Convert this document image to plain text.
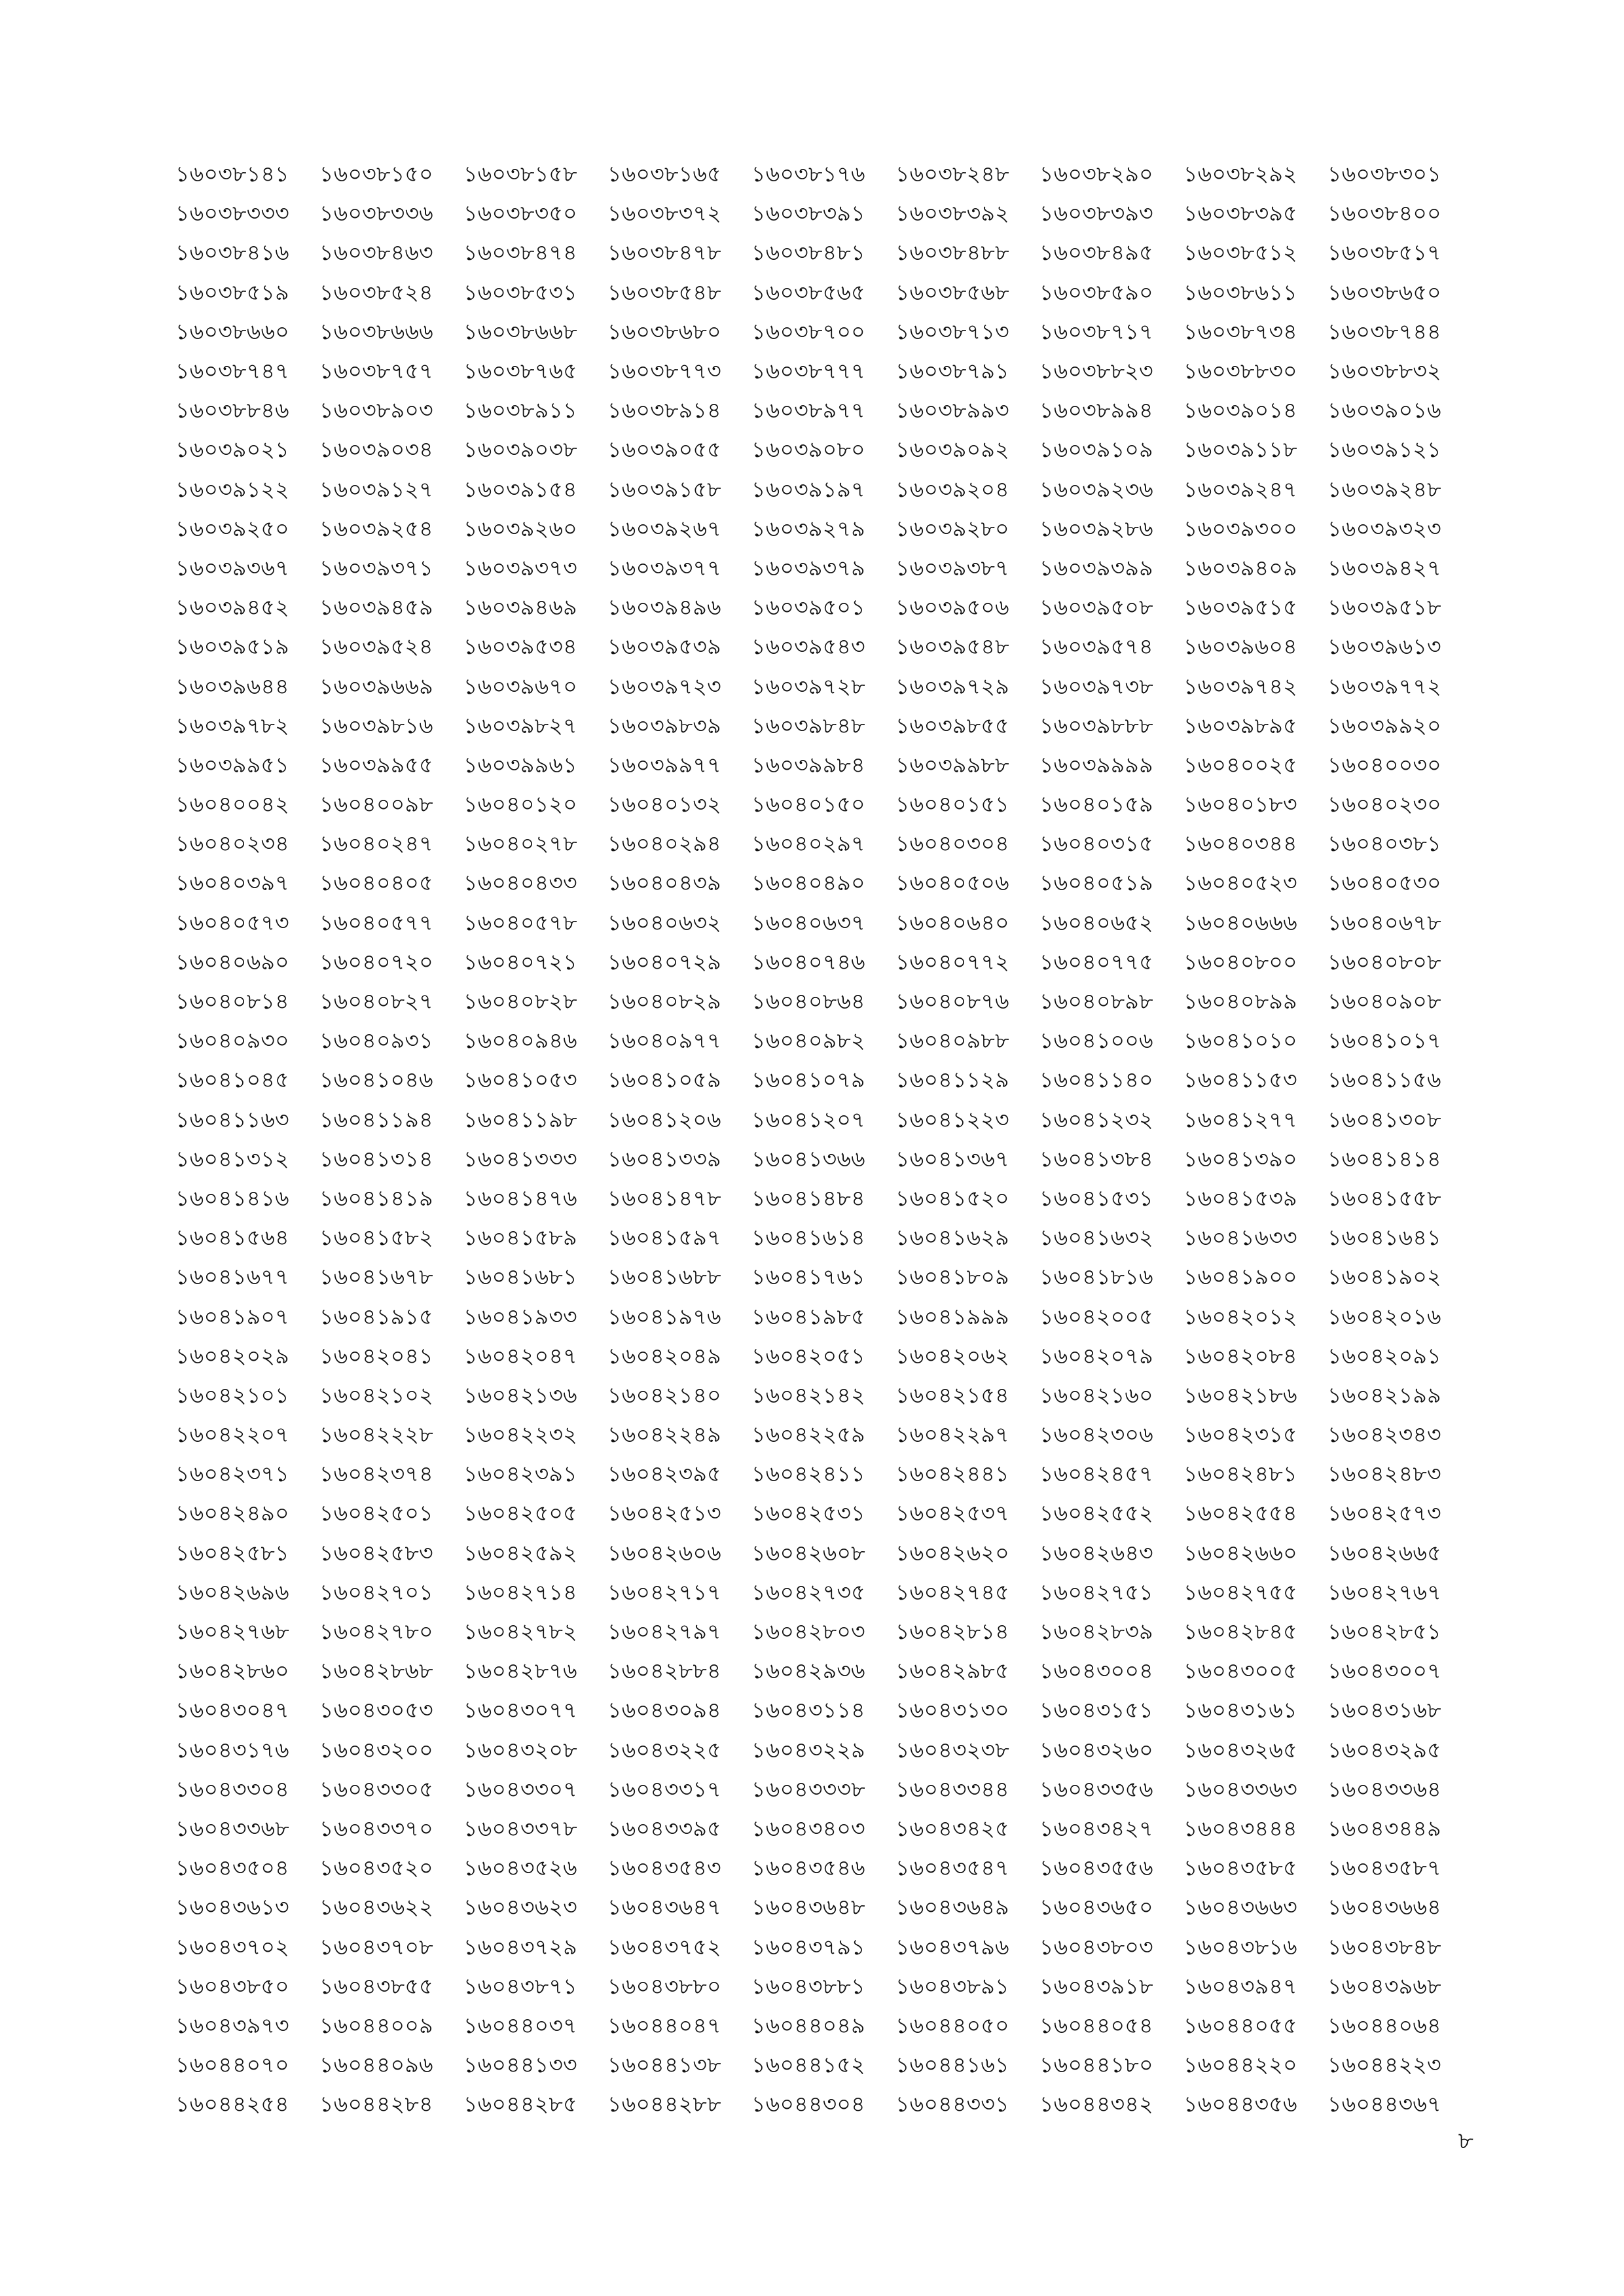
১৬০৩৮১৪১	১৬০৩৮১৫০	১৬০৩৮১৫৮	১৬০৩৮১৬৫	১৬০৩৮১৭৬	১৬০৩৮২৪৮	১৬০৩৮২৯০	১৬০৩৮২৯২	১৬০৩৮৩০১
১৬০৩৮৩৩৩	১৬০৩৮৩৩৬	১৬০৩৮৩৫০	১৬০৩৮৩৭২	১৬০৩৮৩৯১	১৬০৩৮৩৯২	১৬০৩৮৩৯৩	১৬০৩৮৩৯৫	১৬০৩৮৪০০
১৬০৩৮৪১৬	১৬০৩৮৪৬৩	১৬০৩৮৪৭৪	১৬০৩৮৪৭৮	১৬০৩৮৪৮১	১৬০৩৮৪৮৮	১৬০৩৮৪৯৫	১৬০৩৮৫১২	১৬০৩৮৫১৭
১৬০৩৮৫১৯	১৬০৩৮৫২৪	১৬০৩৮৫৩১	১৬০৩৮৫৪৮	১৬০৩৮৫৬৫	১৬০৩৮৫৬৮	১৬০৩৮৫৯০	১৬০৩৮৬১১	১৬০৩৮৬৫০
১৬০৩৮৬৬০	১৬০৩৮৬৬৬	১৬০৩৮৬৬৮	১৬০৩৮৬৮০	১৬০৩৮৭০০	১৬০৩৮৭১৩	১৬০৩৮৭১৭	১৬০৩৮৭৩৪	১৬০৩৮৭৪৪
১৬০৩৮৭৪৭	১৬০৩৮৭৫৭	১৬০৩৮৭৬৫	১৬০৩৮৭৭৩	১৬০৩৮৭৭৭	১৬০৩৮৭৯১	১৬০৩৮৮২৩	১৬০৩৮৮৩০	১৬০৩৮৮৩২
১৬০৩৮৮৪৬	১৬০৩৮৯০৩	১৬০৩৮৯১১	১৬০৩৮৯১৪	১৬০৩৮৯৭৭	১৬০৩৮৯৯৩	১৬০৩৮৯৯৪	১৬০৩৯০১৪	১৬০৩৯০১৬
১৬০৩৯০২১	১৬০৩৯০৩৪	১৬০৩৯০৩৮	১৬০৩৯০৫৫	১৬০৩৯০৮০	১৬০৩৯০৯২	১৬০৩৯১০৯	১৬০৩৯১১৮	১৬০৩৯১২১
১৬০৩৯১২২	১৬০৩৯১২৭	১৬০৩৯১৫৪	১৬০৩৯১৫৮	১৬০৩৯১৯৭	১৬০৩৯২০৪	১৬০৩৯২৩৬	১৬০৩৯২৪৭	১৬০৩৯২৪৮
১৬০৩৯২৫০	১৬০৩৯২৫৪	১৬০৩৯২৬০	১৬০৩৯২৬৭	১৬০৩৯২৭৯	১৬০৩৯২৮০	১৬০৩৯২৮৬	১৬০৩৯৩০০	১৬০৩৯৩২৩
১৬০৩৯৩৬৭	১৬০৩৯৩৭১	১৬০৩৯৩৭৩	১৬০৩৯৩৭৭	১৬০৩৯৩৭৯	১৬০৩৯৩৮৭	১৬০৩৯৩৯৯	১৬০৩৯৪০৯	১৬০৩৯৪২৭
১৬০৩৯৪৫২	১৬০৩৯৪৫৯	১৬০৩৯৪৬৯	১৬০৩৯৪৯৬	১৬০৩৯৫০১	১৬০৩৯৫০৬	১৬০৩৯৫০৮	১৬০৩৯৫১৫	১৬০৩৯৫১৮
১৬০৩৯৫১৯	১৬০৩৯৫২৪	১৬০৩৯৫৩৪	১৬০৩৯৫৩৯	১৬০৩৯৫৪৩	১৬০৩৯৫৪৮	১৬০৩৯৫৭৪	১৬০৩৯৬০৪	১৬০৩৯৬১৩
১৬০৩৯৬৪৪	১৬০৩৯৬৬৯	১৬০৩৯৬৭০	১৬০৩৯৭২৩	১৬০৩৯৭২৮	১৬০৩৯৭২৯	১৬০৩৯৭৩৮	১৬০৩৯৭৪২	১৬০৩৯৭৭২
১৬০৩৯৭৮২	১৬০৩৯৮১৬	১৬০৩৯৮২৭	১৬০৩৯৮৩৯	১৬০৩৯৮৪৮	১৬০৩৯৮৫৫	১৬০৩৯৮৮৮	১৬০৩৯৮৯৫	১৬০৩৯৯২০
১৬০৩৯৯৫১	১৬০৩৯৯৫৫	১৬০৩৯৯৬১	১৬০৩৯৯৭৭	১৬০৩৯৯৮৪	১৬০৩৯৯৮৮	১৬০৩৯৯৯৯	১৬০৪০০২৫	১৬০৪০০৩০
১৬০৪০০৪২	১৬০৪০০৯৮	১৬০৪০১২০	১৬০৪০১৩২	১৬০৪০১৫০	১৬০৪০১৫১	১৬০৪০১৫৯	১৬০৪০১৮৩	১৬০৪০২৩০
১৬০৪০২৩৪	১৬০৪০২৪৭	১৬০৪০২৭৮	১৬০৪০২৯৪	১৬০৪০২৯৭	১৬০৪০৩০৪	১৬০৪০৩১৫	১৬০৪০৩৪৪	১৬০৪০৩৮১
১৬০৪০৩৯৭	১৬০৪০৪০৫	১৬০৪০৪৩৩	১৬০৪০৪৩৯	১৬০৪০৪৯০	১৬০৪০৫০৬	১৬০৪০৫১৯	১৬০৪০৫২৩	১৬০৪০৫৩০
১৬০৪০৫৭৩	১৬০৪০৫৭৭	১৬০৪০৫৭৮	১৬০৪০৬৩২	১৬০৪০৬৩৭	১৬০৪০৬৪০	১৬০৪০৬৫২	১৬০৪০৬৬৬	১৬০৪০৬৭৮
১৬০৪০৬৯০	১৬০৪০৭২০	১৬০৪০৭২১	১৬০৪০৭২৯	১৬০৪০৭৪৬	১৬০৪০৭৭২	১৬০৪০৭৭৫	১৬০৪০৮০০	১৬০৪০৮০৮
১৬০৪০৮১৪	১৬০৪০৮২৭	১৬০৪০৮২৮	১৬০৪০৮২৯	১৬০৪০৮৬৪	১৬০৪০৮৭৬	১৬০৪০৮৯৮	১৬০৪০৮৯৯	১৬০৪০৯০৮
১৬০৪০৯৩০	১৬০৪০৯৩১	১৬০৪০৯৪৬	১৬০৪০৯৭৭	১৬০৪০৯৮২	১৬০৪০৯৮৮	১৬০৪১০০৬	১৬০৪১০১০	১৬০৪১০১৭
১৬০৪১০৪৫	১৬০৪১০৪৬	১৬০৪১০৫৩	১৬০৪১০৫৯	১৬০৪১০৭৯	১৬০৪১১২৯	১৬০৪১১৪০	১৬০৪১১৫৩	১৬০৪১১৫৬
১৬০৪১১৬৩	১৬০৪১১৯৪	১৬০৪১১৯৮	১৬০৪১২০৬	১৬০৪১২০৭	১৬০৪১২২৩	১৬০৪১২৩২	১৬০৪১২৭৭	১৬০৪১৩০৮
১৬০৪১৩১২	১৬০৪১৩১৪	১৬০৪১৩৩৩	১৬০৪১৩৩৯	১৬০৪১৩৬৬	১৬০৪১৩৬৭	১৬০৪১৩৮৪	১৬০৪১৩৯০	১৬০৪১৪১৪
১৬০৪১৪১৬	১৬০৪১৪১৯	১৬০৪১৪৭৬	১৬০৪১৪৭৮	১৬০৪১৪৮৪	১৬০৪১৫২০	১৬০৪১৫৩১	১৬০৪১৫৩৯	১৬০৪১৫৫৮
১৬০৪১৫৬৪	১৬০৪১৫৮২	১৬০৪১৫৮৯	১৬০৪১৫৯৭	১৬০৪১৬১৪	১৬০৪১৬২৯	১৬০৪১৬৩২	১৬০৪১৬৩৩	১৬০৪১৬৪১
১৬০৪১৬৭৭	১৬০৪১৬৭৮	১৬০৪১৬৮১	১৬০৪১৬৮৮	১৬০৪১৭৬১	১৬০৪১৮০৯	১৬০৪১৮১৬	১৬০৪১৯০০	১৬০৪১৯০২
১৬০৪১৯০৭	১৬০৪১৯১৫	১৬০৪১৯৩৩	১৬০৪১৯৭৬	১৬০৪১৯৮৫	১৬০৪১৯৯৯	১৬০৪২০০৫	১৬০৪২০১২	১৬০৪২০১৬
১৬০৪২০২৯	১৬০৪২০৪১	১৬০৪২০৪৭	১৬০৪২০৪৯	১৬০৪২০৫১	১৬০৪২০৬২	১৬০৪২০৭৯	১৬০৪২০৮৪	১৬০৪২০৯১
১৬০৪২১০১	১৬০৪২১০২	১৬০৪২১৩৬	১৬০৪২১৪০	১৬০৪২১৪২	১৬০৪২১৫৪	১৬০৪২১৬০	১৬০৪২১৮৬	১৬০৪২১৯৯
১৬০৪২২০৭	১৬০৪২২২৮	১৬০৪২২৩২	১৬০৪২২৪৯	১৬০৪২২৫৯	১৬০৪২২৯৭	১৬০৪২৩০৬	১৬০৪২৩১৫	১৬০৪২৩৪৩
১৬০৪২৩৭১	১৬০৪২৩৭৪	১৬০৪২৩৯১	১৬০৪২৩৯৫	১৬০৪২৪১১	১৬০৪২৪৪১	১৬০৪২৪৫৭	১৬০৪২৪৮১	১৬০৪২৪৮৩
১৬০৪২৪৯০	১৬০৪২৫০১	১৬০৪২৫০৫	১৬০৪২৫১৩	১৬০৪২৫৩১	১৬০৪২৫৩৭	১৬০৪২৫৫২	১৬০৪২৫৫৪	১৬০৪২৫৭৩
১৬০৪২৫৮১	১৬০৪২৫৮৩	১৬০৪২৫৯২	১৬০৪২৬০৬	১৬০৪২৬০৮	১৬০৪২৬২০	১৬০৪২৬৪৩	১৬০৪২৬৬০	১৬০৪২৬৬৫
১৬০৪২৬৯৬	১৬০৪২৭০১	১৬০৪২৭১৪	১৬০৪২৭১৭	১৬০৪২৭৩৫	১৬০৪২৭৪৫	১৬০৪২৭৫১	১৬০৪২৭৫৫	১৬০৪২৭৬৭
১৬০৪২৭৬৮	১৬০৪২৭৮০	১৬০৪২৭৮২	১৬০৪২৭৯৭	১৬০৪২৮০৩	১৬০৪২৮১৪	১৬০৪২৮৩৯	১৬০৪২৮৪৫	১৬০৪২৮৫১
১৬০৪২৮৬০	১৬০৪২৮৬৮	১৬০৪২৮৭৬	১৬০৪২৮৮৪	১৬০৪২৯৩৬	১৬০৪২৯৮৫	১৬০৪৩০০৪	১৬০৪৩০০৫	১৬০৪৩০০৭
১৬০৪৩০৪৭	১৬০৪৩০৫৩	১৬০৪৩০৭৭	১৬০৪৩০৯৪	১৬০৪৩১১৪	১৬০৪৩১৩০	১৬০৪৩১৫১	১৬০৪৩১৬১	১৬০৪৩১৬৮
১৬০৪৩১৭৬	১৬০৪৩২০০	১৬০৪৩২০৮	১৬০৪৩২২৫	১৬০৪৩২২৯	১৬০৪৩২৩৮	১৬০৪৩২৬০	১৬০৪৩২৬৫	১৬০৪৩২৯৫
১৬০৪৩৩০৪	১৬০৪৩৩০৫	১৬০৪৩৩০৭	১৬০৪৩৩১৭	১৬০৪৩৩৩৮	১৬০৪৩৩৪৪	১৬০৪৩৩৫৬	১৬০৪৩৩৬৩	১৬০৪৩৩৬৪
১৬০৪৩৩৬৮	১৬০৪৩৩৭০	১৬০৪৩৩৭৮	১৬০৪৩৩৯৫	১৬০৪৩৪০৩	১৬০৪৩৪২৫	১৬০৪৩৪২৭	১৬০৪৩৪৪৪	১৬০৪৩৪৪৯
১৬০৪৩৫০৪	১৬০৪৩৫২০	১৬০৪৩৫২৬	১৬০৪৩৫৪৩	১৬০৪৩৫৪৬	১৬০৪৩৫৪৭	১৬০৪৩৫৫৬	১৬০৪৩৫৮৫	১৬০৪৩৫৮৭
১৬০৪৩৬১৩	১৬০৪৩৬২২	১৬০৪৩৬২৩	১৬০৪৩৬৪৭	১৬০৪৩৬৪৮	১৬০৪৩৬৪৯	১৬০৪৩৬৫০	১৬০৪৩৬৬৩	১৬০৪৩৬৬৪
১৬০৪৩৭০২	১৬০৪৩৭০৮	১৬০৪৩৭২৯	১৬০৪৩৭৫২	১৬০৪৩৭৯১	১৬০৪৩৭৯৬	১৬০৪৩৮০৩	১৬০৪৩৮১৬	১৬০৪৩৮৪৮
১৬০৪৩৮৫০	১৬০৪৩৮৫৫	১৬০৪৩৮৭১	১৬০৪৩৮৮০	১৬০৪৩৮৮১	১৬০৪৩৮৯১	১৬০৪৩৯১৮	১৬০৪৩৯৪৭	১৬০৪৩৯৬৮
১৬০৪৩৯৭৩	১৬০৪৪০০৯	১৬০৪৪০৩৭	১৬০৪৪০৪৭	১৬০৪৪০৪৯	১৬০৪৪০৫০	১৬০৪৪০৫৪	১৬০৪৪০৫৫	১৬০৪৪০৬৪
১৬০৪৪০৭০	১৬০৪৪০৯৬	১৬০৪৪১৩৩	১৬০৪৪১৩৮	১৬০৪৪১৫২	১৬০৪৪১৬১	১৬০৪৪১৮০	১৬০৪৪২২০	১৬০৪৪২২৩
১৬০৪৪২৫৪	১৬০৪৪২৮৪	১৬০৪৪২৮৫	১৬০৪৪২৮৮	১৬০৪৪৩০৪	১৬০৪৪৩৩১	১৬০৪৪৩৪২	১৬০৪৪৩৫৬	১৬০৪৪৩৬৭
৮
